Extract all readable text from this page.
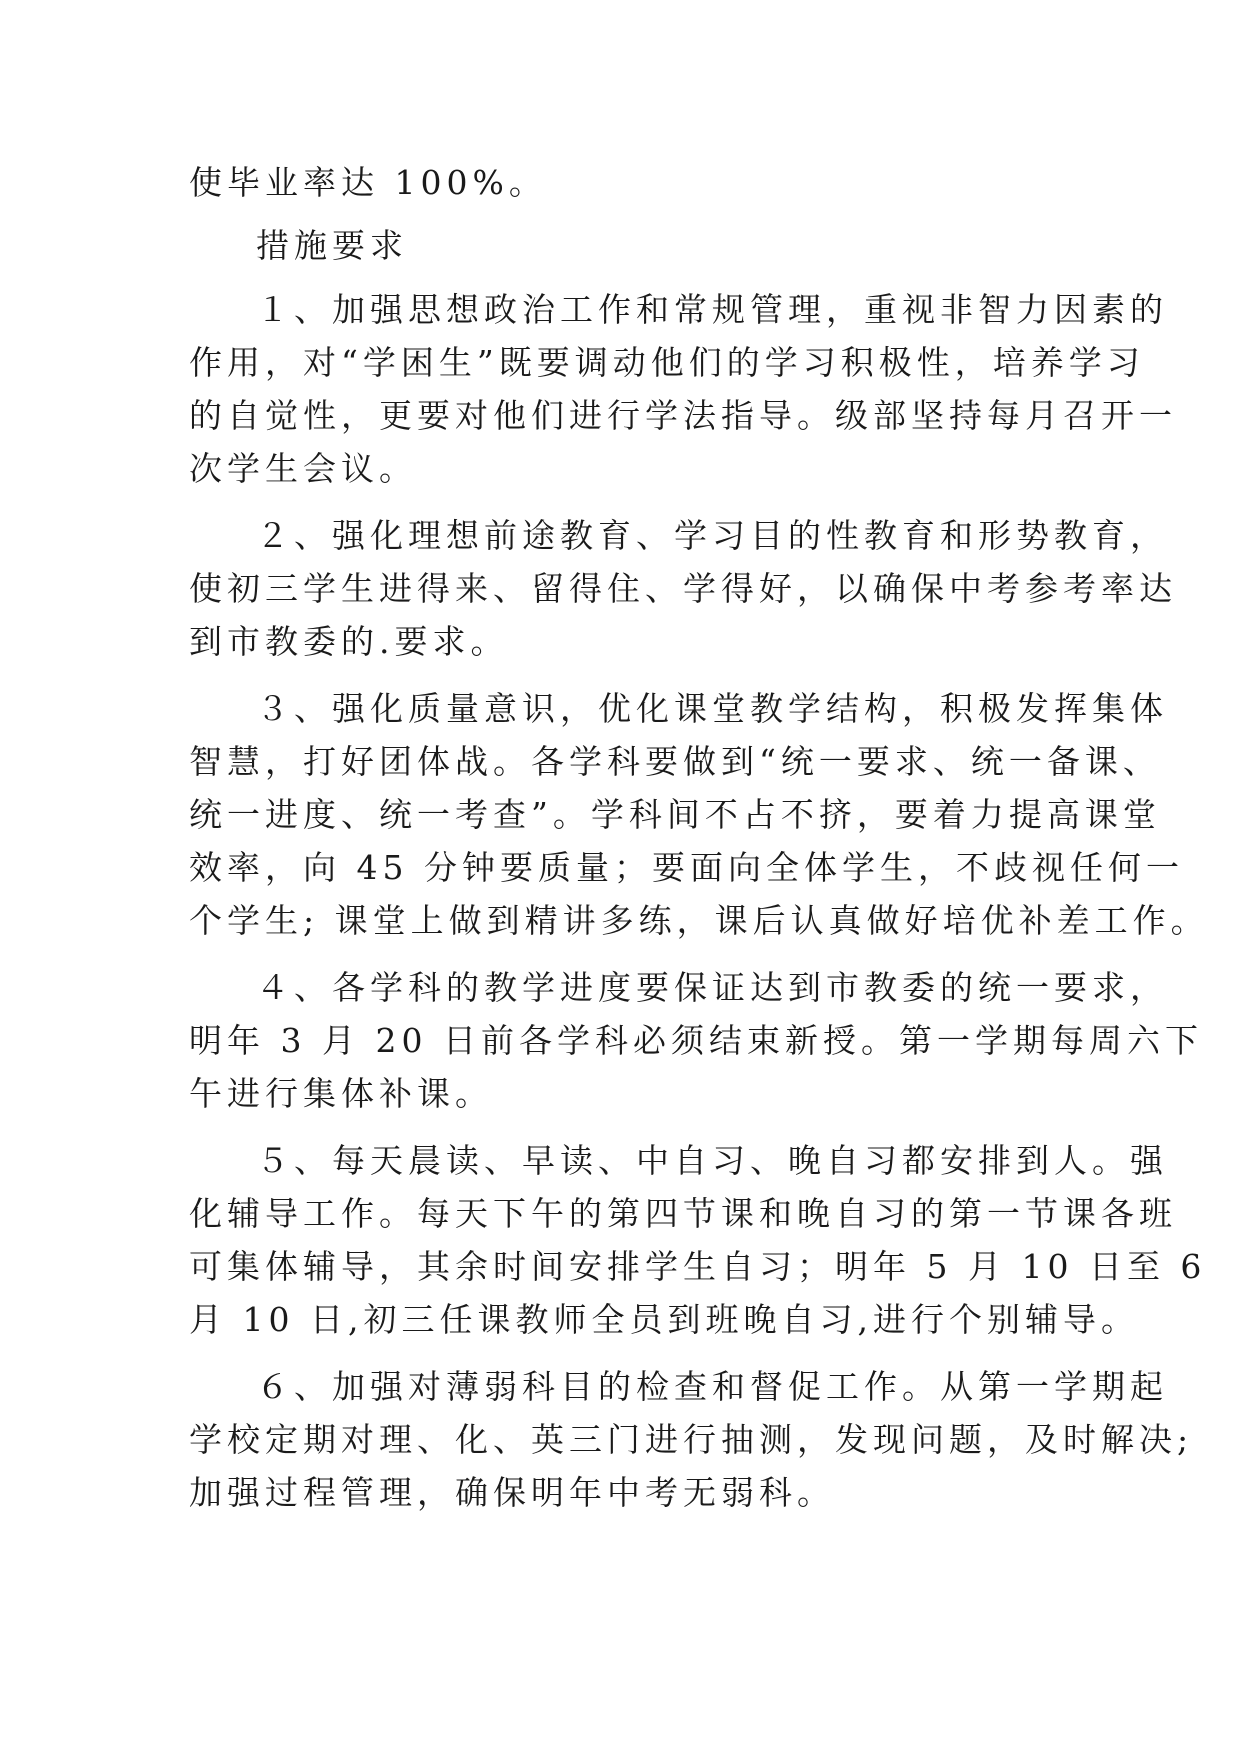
使毕业率达 100%。
措施要求
１、加强思想政治工作和常规管理，重视非智力因素的
作用，对“学困生”既要调动他们的学习积极性，培养学习
的自觉性，更要对他们进行学法指导。级部坚持每月召开一
次学生会议。
２、强化理想前途教育、学习目的性教育和形势教育，
使初三学生进得来、留得住、学得好，以确保中考参考率达
到市教委的.要求。
３、强化质量意识，优化课堂教学结构，积极发挥集体
智慧，打好团体战。各学科要做到“统一要求、统一备课、
统一进度、统一考查”。学科间不占不挤，要着力提高课堂
效率，向 45 分钟要质量；要面向全体学生，不歧视任何一
个学生; 课堂上做到精讲多练，课后认真做好培优补差工作。
４、各学科的教学进度要保证达到市教委的统一要求，
明年 3 月 20 日前各学科必须结束新授。第一学期每周六下
午进行集体补课。
５、每天晨读、早读、中自习、晚自习都安排到人。强
化辅导工作。每天下午的第四节课和晚自习的第一节课各班
可集体辅导，其余时间安排学生自习；明年 5 月 10 日至 6
月 10 日,初三任课教师全员到班晚自习,进行个别辅导。
６、加强对薄弱科目的检查和督促工作。从第一学期起
学校定期对理、化、英三门进行抽测，发现问题，及时解决;
加强过程管理，确保明年中考无弱科。
